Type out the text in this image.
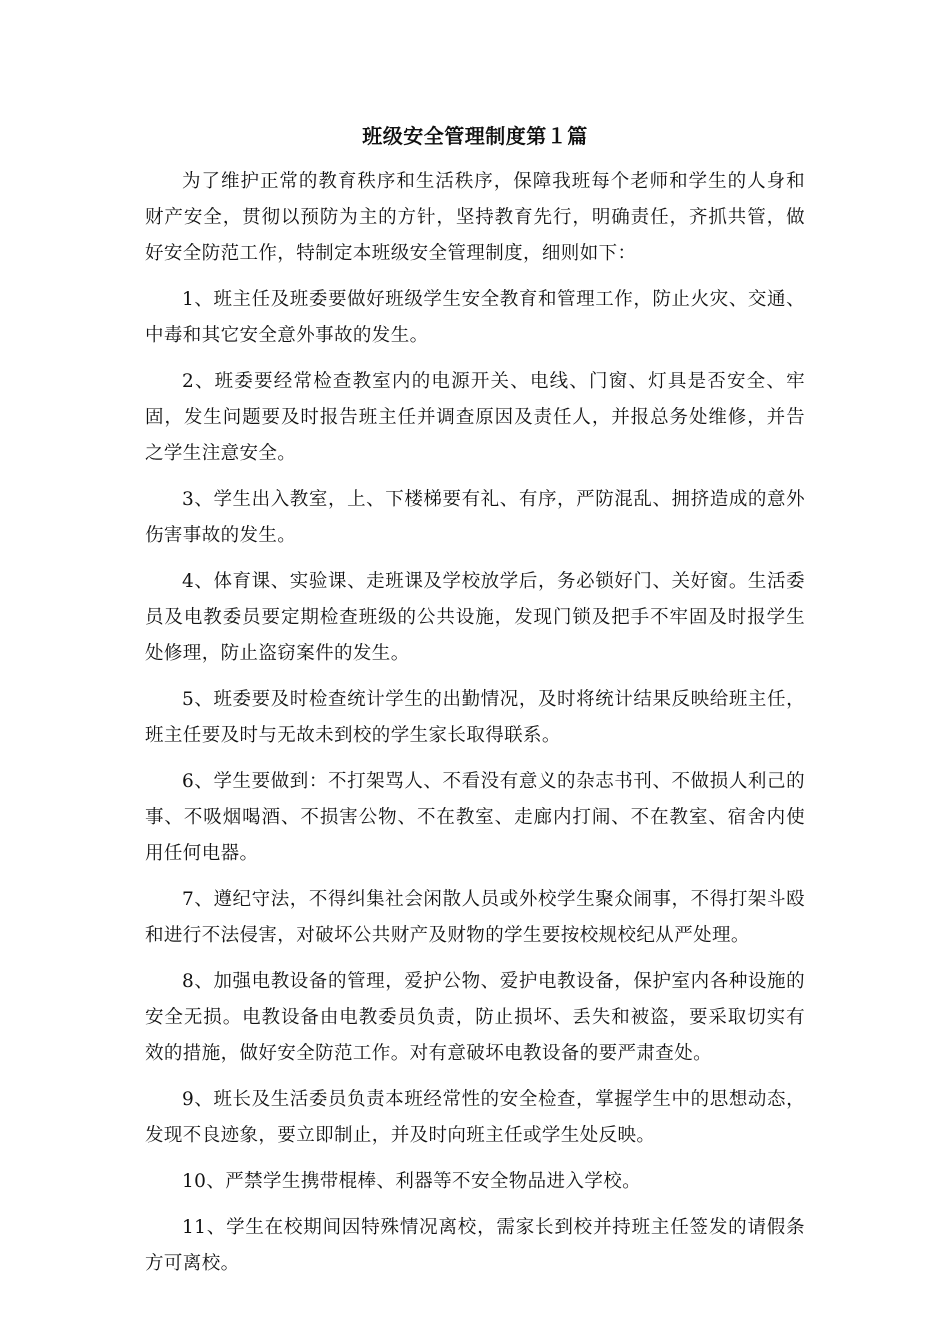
班级安全管理制度第１篇

为了维护正常的教育秩序和生活秩序，保障我班每个老师和学生的人身和财产安全，贯彻以预防为主的方针，坚持教育先行，明确责任，齐抓共管，做好安全防范工作，特制定本班级安全管理制度，细则如下：

1、班主任及班委要做好班级学生安全教育和管理工作，防止火灾、交通、中毒和其它安全意外事故的发生。

2、班委要经常检查教室内的电源开关、电线、门窗、灯具是否安全、牢固，发生问题要及时报告班主任并调查原因及责任人，并报总务处维修，并告之学生注意安全。

3、学生出入教室，上、下楼梯要有礼、有序，严防混乱、拥挤造成的意外伤害事故的发生。

4、体育课、实验课、走班课及学校放学后，务必锁好门、关好窗。生活委员及电教委员要定期检查班级的公共设施，发现门锁及把手不牢固及时报学生处修理，防止盗窃案件的发生。

5、班委要及时检查统计学生的出勤情况，及时将统计结果反映给班主任，班主任要及时与无故未到校的学生家长取得联系。

6、学生要做到：不打架骂人、不看没有意义的杂志书刊、不做损人利己的事、不吸烟喝酒、不损害公物、不在教室、走廊内打闹、不在教室、宿舍内使用任何电器。

7、遵纪守法，不得纠集社会闲散人员或外校学生聚众闹事，不得打架斗殴和进行不法侵害，对破坏公共财产及财物的学生要按校规校纪从严处理。

8、加强电教设备的管理，爱护公物、爱护电教设备，保护室内各种设施的安全无损。电教设备由电教委员负责，防止损坏、丢失和被盗，要采取切实有效的措施，做好安全防范工作。对有意破坏电教设备的要严肃查处。

9、班长及生活委员负责本班经常性的安全检查，掌握学生中的思想动态，发现不良迹象，要立即制止，并及时向班主任或学生处反映。

10、严禁学生携带棍棒、利器等不安全物品进入学校。

11、学生在校期间因特殊情况离校，需家长到校并持班主任签发的请假条方可离校。
